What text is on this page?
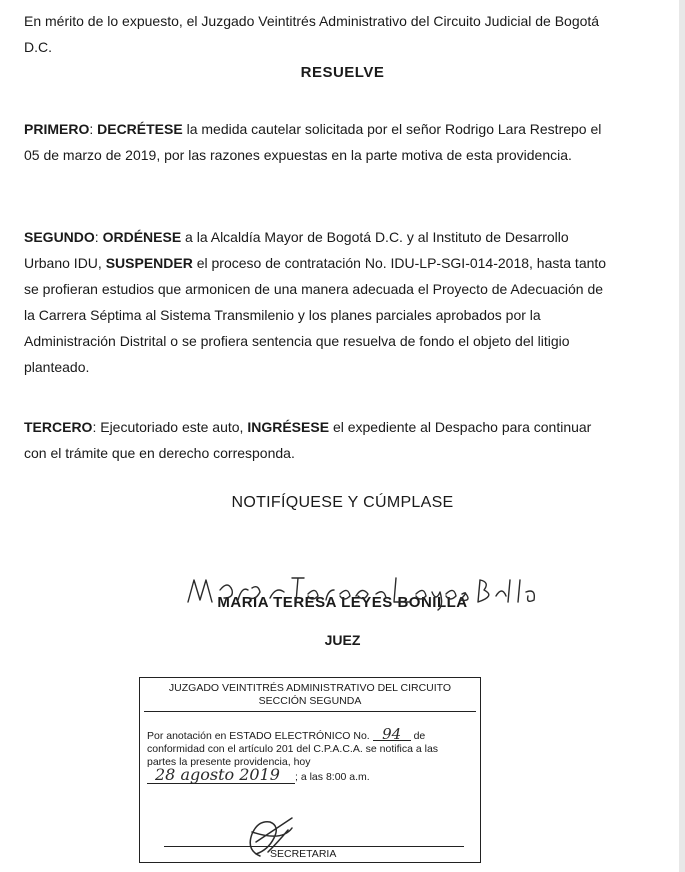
En mérito de lo expuesto, el Juzgado Veintitrés Administrativo del Circuito Judicial de Bogotá D.C.

RESUELVE

PRIMERO: DECRÉTESE la medida cautelar solicitada por el señor Rodrigo Lara Restrepo el 05 de marzo de 2019, por las razones expuestas en la parte motiva de esta providencia.

SEGUNDO: ORDÉNESE a la Alcaldía Mayor de Bogotá D.C. y al Instituto de Desarrollo Urbano IDU, SUSPENDER el proceso de contratación No. IDU-LP-SGI-014-2018, hasta tanto se profieran estudios que armonicen de una manera adecuada el Proyecto de Adecuación de la Carrera Séptima al Sistema Transmilenio y los planes parciales aprobados por la Administración Distrital o se profiera sentencia que resuelva de fondo el objeto del litigio planteado.

TERCERO: Ejecutoriado este auto, INGRÉSESE el expediente al Despacho para continuar con el trámite que en derecho corresponda.

NOTIFÍQUESE Y CÚMPLASE

MARIA TERESA LEYES BONILLA

JUEZ

JUZGADO VEINTITRÉS ADMINISTRATIVO DEL CIRCUITO
SECCIÓN SEGUNDA
Por anotación en ESTADO ELECTRÓNICO No. 94 de
conformidad con el artículo 201 del C.P.A.C.A. se notifica a las
partes la presente providencia, hoy
28 agosto 2019 ; a las 8:00 a.m.
SECRETARIA
